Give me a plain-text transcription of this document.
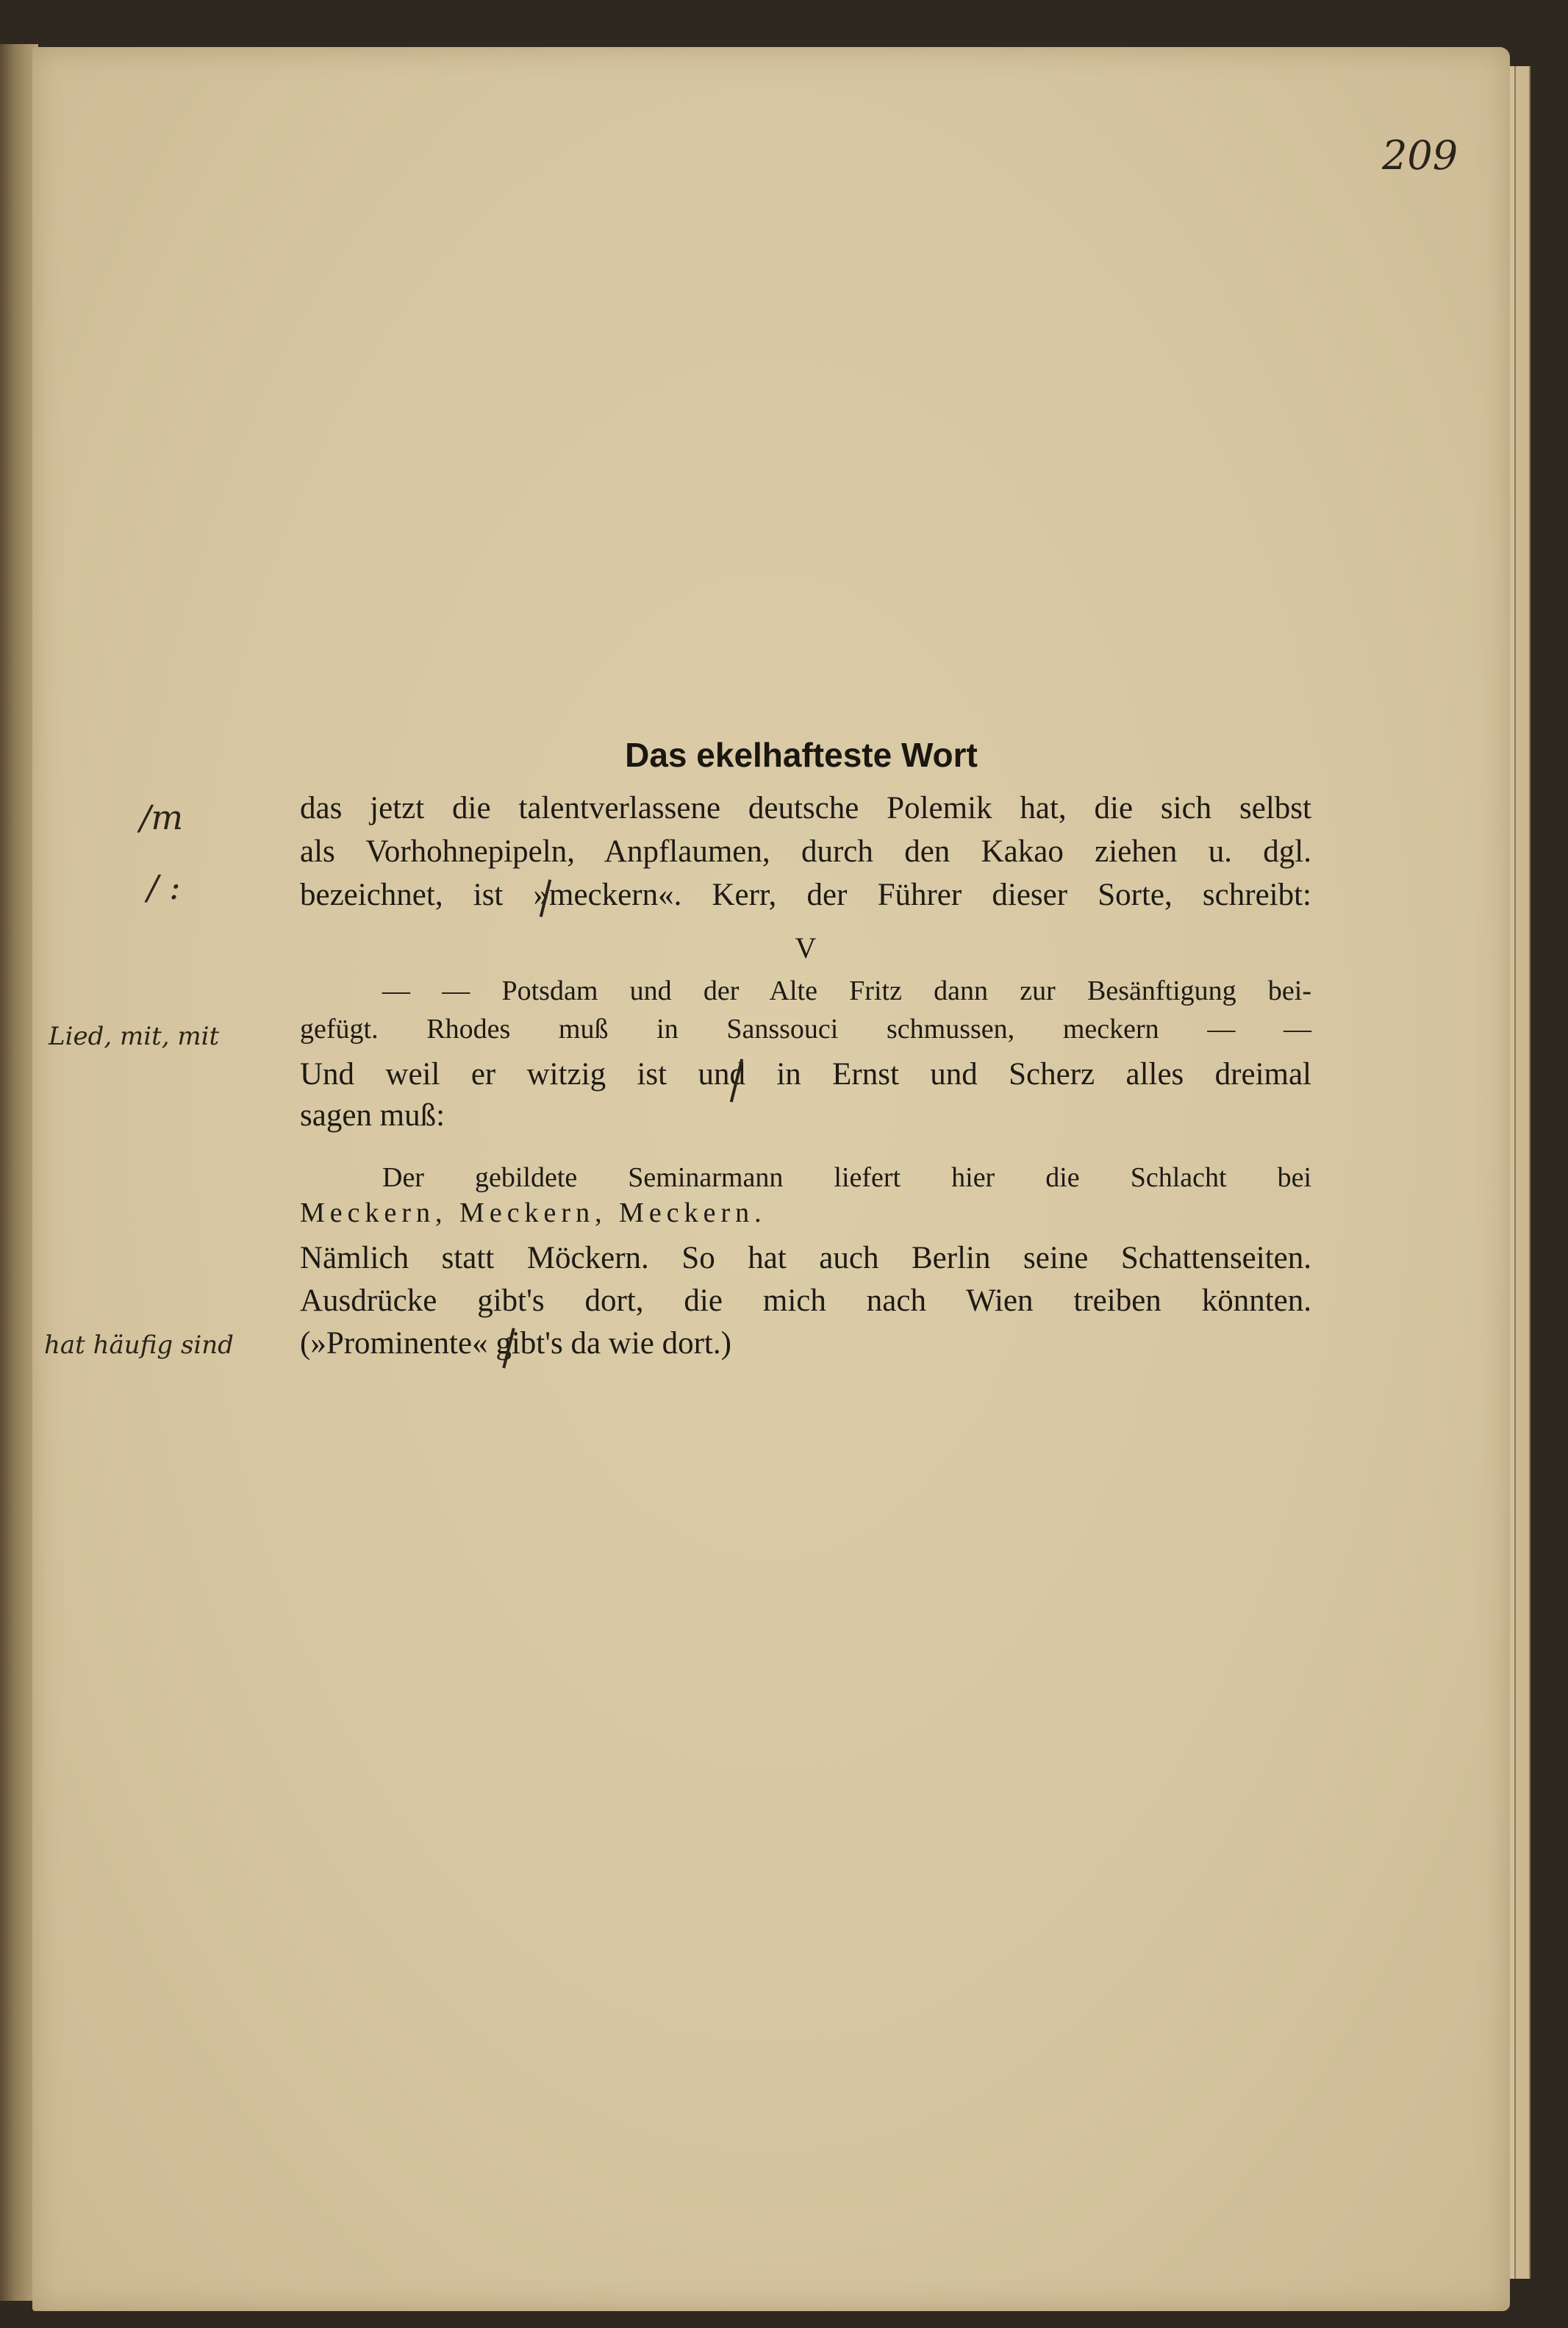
209
Das ekelhafteste Wort
das jetzt die talentverlassene deutsche Polemik hat, die sich selbst
als Vorhohnepipeln, Anpflaumen, durch den Kakao ziehen u. dgl.
bezeichnet, ist »meckern«. Kerr, der Führer dieser Sorte, schreibt:
V
— — Potsdam und der Alte Fritz dann zur Besänftigung bei-
gefügt. Rhodes muß in Sanssouci schmussen, meckern — —
Und weil er witzig ist und in Ernst und Scherz alles dreimal
sagen muß:
Der gebildete Seminarmann liefert hier die Schlacht bei
Meckern, Meckern, Meckern.
Nämlich statt Möckern. So hat auch Berlin seine Schattenseiten.
Ausdrücke gibt's dort, die mich nach Wien treiben könnten.
(»Prominente« gibt's da wie dort.)
/m
/ :
Lied, mit, mit
hat häufig sind
